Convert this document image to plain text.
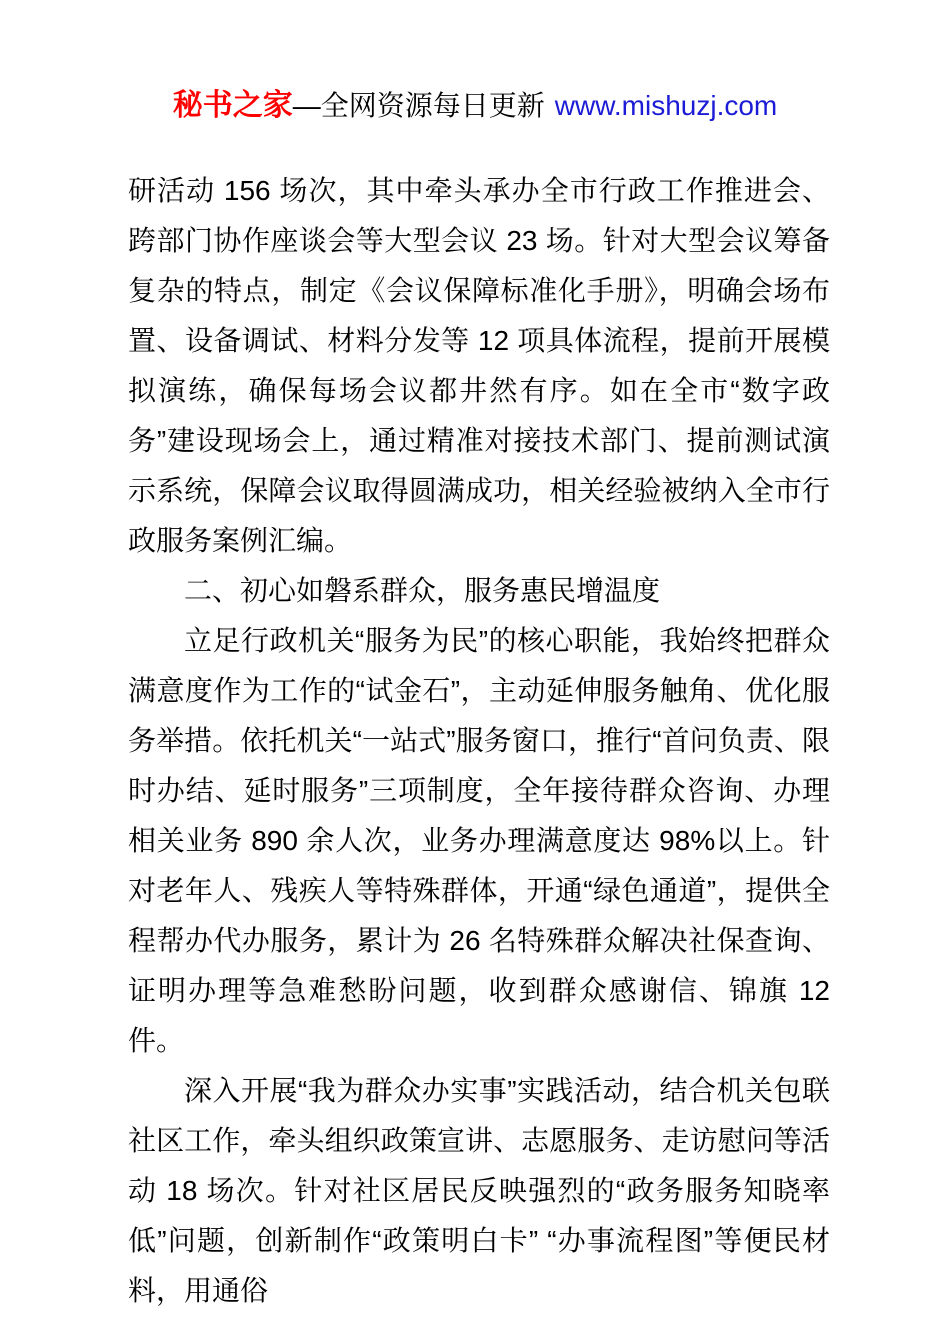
秘书之家—全网资源每日更新 www.mishuzj.com

研活动 156 场次，其中牵头承办全市行政工作推进会、跨部门协作座谈会等大型会议 23 场。针对大型会议筹备复杂的特点，制定《会议保障标准化手册》，明确会场布置、设备调试、材料分发等 12 项具体流程，提前开展模拟演练，确保每场会议都井然有序。如在全市“数字政务”建设现场会上，通过精准对接技术部门、提前测试演示系统，保障会议取得圆满成功，相关经验被纳入全市行政服务案例汇编。

二、初心如磐系群众，服务惠民增温度

立足行政机关“服务为民”的核心职能，我始终把群众满意度作为工作的“试金石”，主动延伸服务触角、优化服务举措。依托机关“一站式”服务窗口，推行“首问负责、限时办结、延时服务”三项制度，全年接待群众咨询、办理相关业务 890 余人次，业务办理满意度达 98%以上。针对老年人、残疾人等特殊群体，开通“绿色通道”，提供全程帮办代办服务，累计为 26 名特殊群众解决社保查询、证明办理等急难愁盼问题，收到群众感谢信、锦旗 12 件。

深入开展“我为群众办实事”实践活动，结合机关包联社区工作，牵头组织政策宣讲、志愿服务、走访慰问等活动 18 场次。针对社区居民反映强烈的“政务服务知晓率低”问题，创新制作“政策明白卡” “办事流程图”等便民材料，用通俗
